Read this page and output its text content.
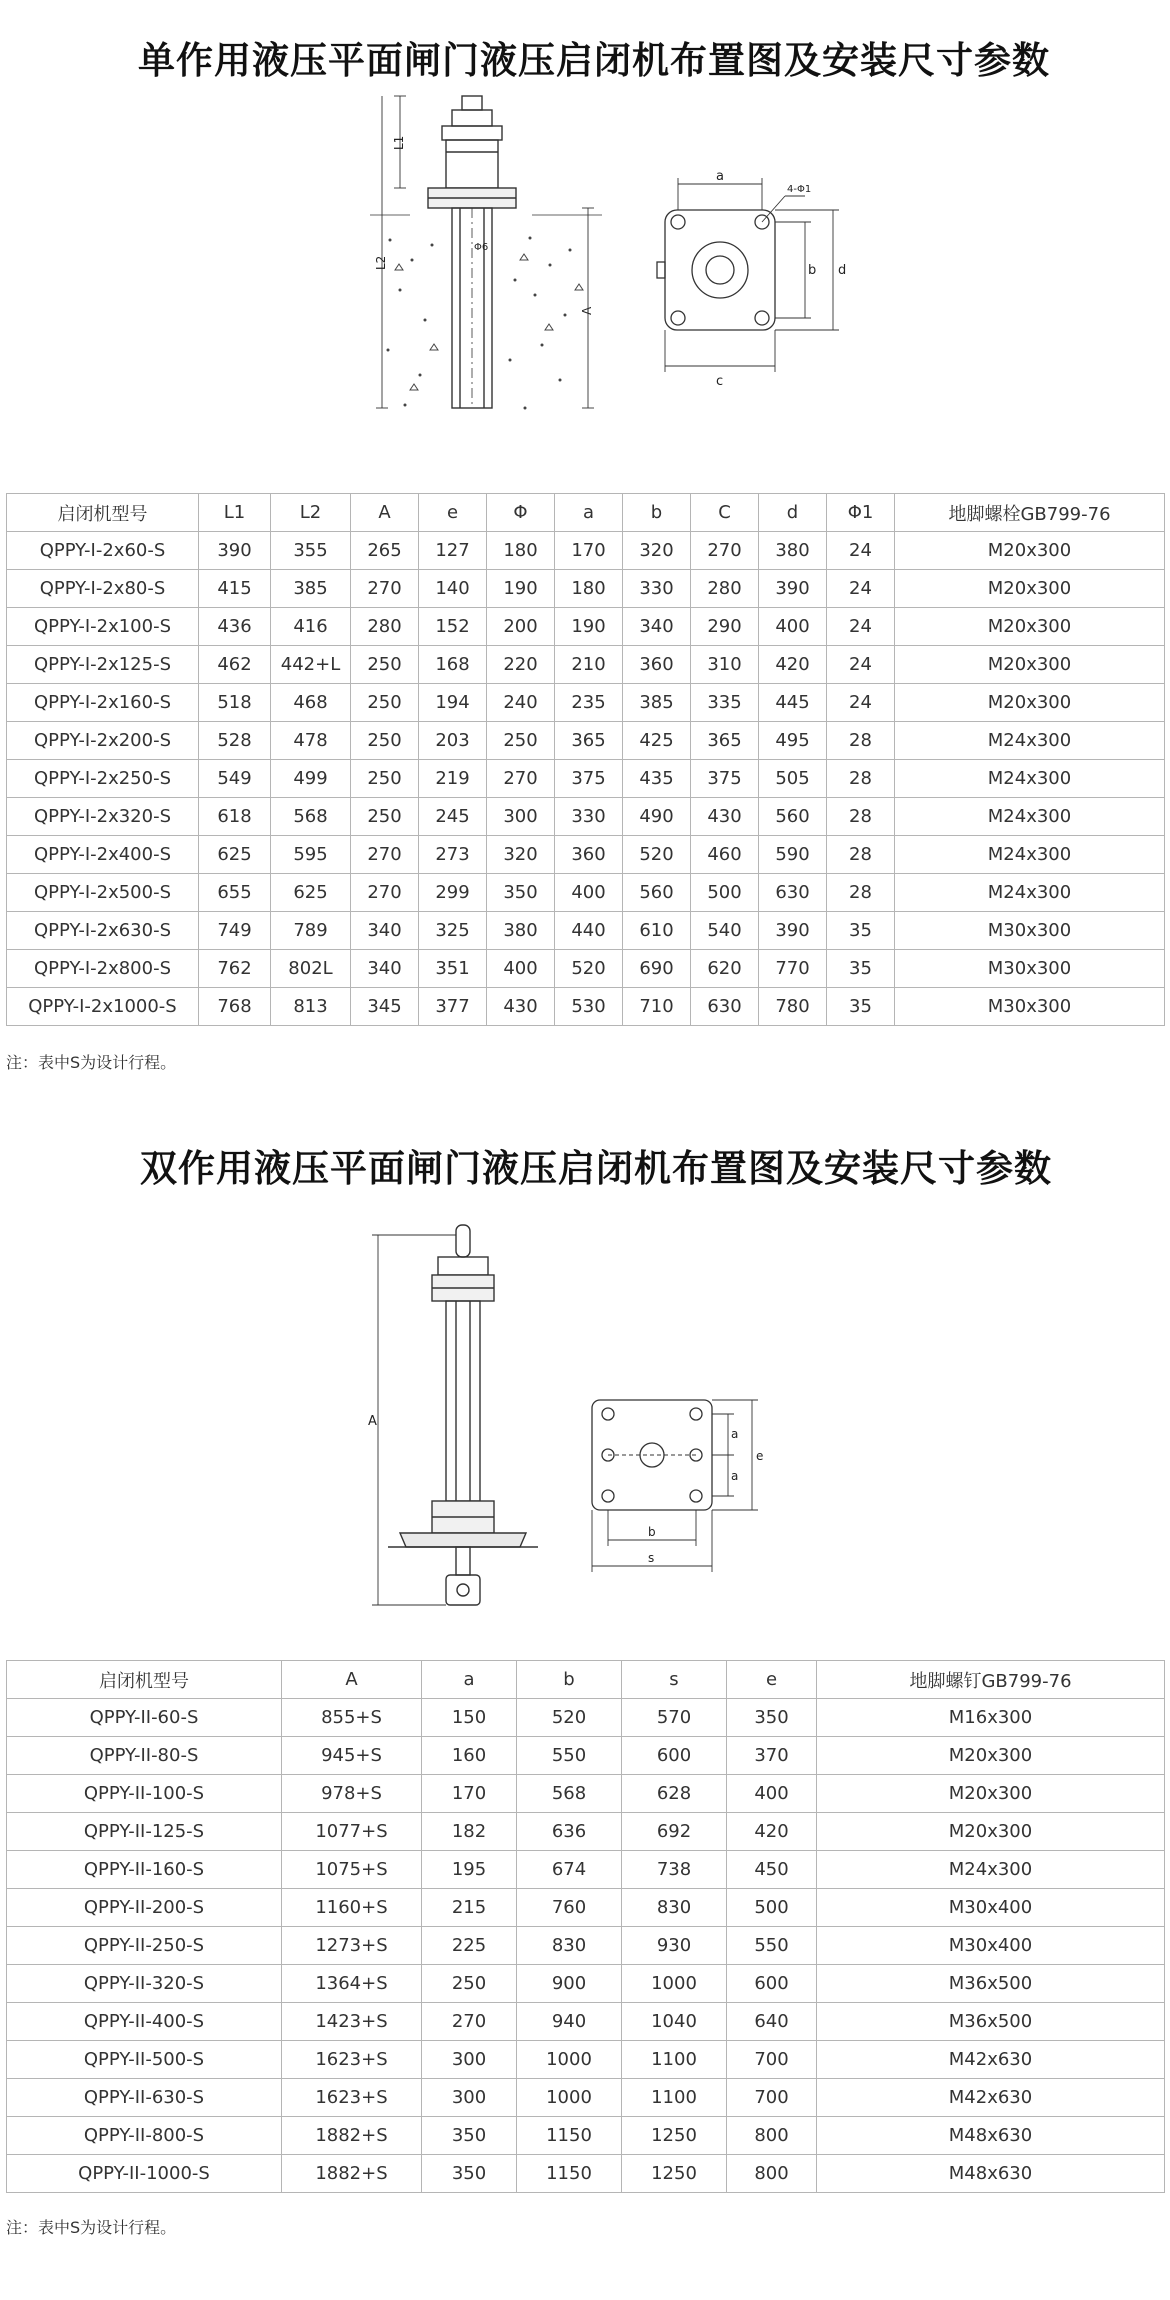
单作用液压平面闸门液压启闭机布置图及安装尺寸参数
L1
L2
A
Φ6
a
4-Φ1
c
b d
启闭机型号	L1	L2	A	e	Φ	a	b	C	d	Φ1	地脚螺栓GB799-76
QPPY-I-2x60-S	390	355	265	127	180	170	320	270	380	24	M20x300
QPPY-I-2x80-S	415	385	270	140	190	180	330	280	390	24	M20x300
QPPY-I-2x100-S	436	416	280	152	200	190	340	290	400	24	M20x300
QPPY-I-2x125-S	462	442+L	250	168	220	210	360	310	420	24	M20x300
QPPY-I-2x160-S	518	468	250	194	240	235	385	335	445	24	M20x300
QPPY-I-2x200-S	528	478	250	203	250	365	425	365	495	28	M24x300
QPPY-I-2x250-S	549	499	250	219	270	375	435	375	505	28	M24x300
QPPY-I-2x320-S	618	568	250	245	300	330	490	430	560	28	M24x300
QPPY-I-2x400-S	625	595	270	273	320	360	520	460	590	28	M24x300
QPPY-I-2x500-S	655	625	270	299	350	400	560	500	630	28	M24x300
QPPY-I-2x630-S	749	789	340	325	380	440	610	540	390	35	M30x300
QPPY-I-2x800-S	762	802L	340	351	400	520	690	620	770	35	M30x300
QPPY-I-2x1000-S	768	813	345	377	430	530	710	630	780	35	M30x300
注：表中S为设计行程。
双作用液压平面闸门液压启闭机布置图及安装尺寸参数
A
a
a
e
b
s
启闭机型号	A	a	b	s	e	地脚螺钉GB799-76
QPPY-II-60-S	855+S	150	520	570	350	M16x300
QPPY-II-80-S	945+S	160	550	600	370	M20x300
QPPY-II-100-S	978+S	170	568	628	400	M20x300
QPPY-II-125-S	1077+S	182	636	692	420	M20x300
QPPY-II-160-S	1075+S	195	674	738	450	M24x300
QPPY-II-200-S	1160+S	215	760	830	500	M30x400
QPPY-II-250-S	1273+S	225	830	930	550	M30x400
QPPY-II-320-S	1364+S	250	900	1000	600	M36x500
QPPY-II-400-S	1423+S	270	940	1040	640	M36x500
QPPY-II-500-S	1623+S	300	1000	1100	700	M42x630
QPPY-II-630-S	1623+S	300	1000	1100	700	M42x630
QPPY-II-800-S	1882+S	350	1150	1250	800	M48x630
QPPY-II-1000-S	1882+S	350	1150	1250	800	M48x630
注：表中S为设计行程。
